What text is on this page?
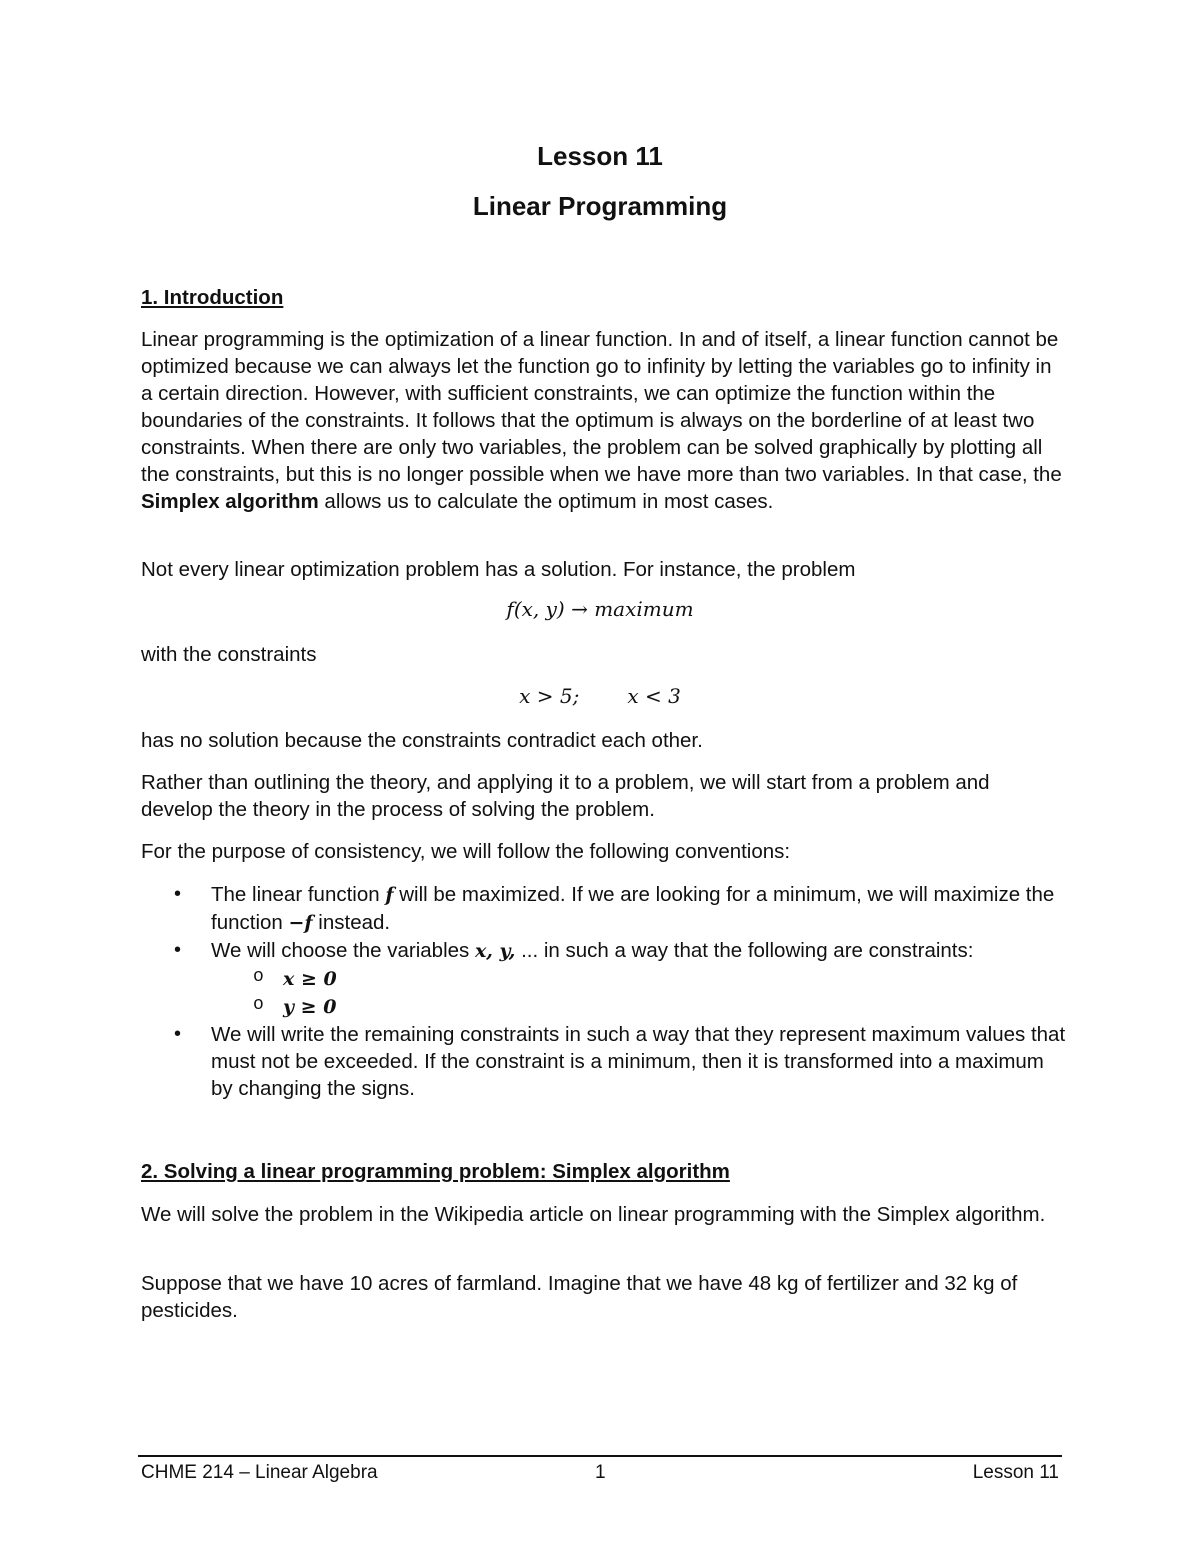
Lesson 11
Linear Programming
1. Introduction

Linear programming is the optimization of a linear function. In and of itself, a linear function cannot be optimized because we can always let the function go to infinity by letting the variables go to infinity in a certain direction. However, with sufficient constraints, we can optimize the function within the boundaries of the constraints. It follows that the optimum is always on the borderline of at least two constraints. When there are only two variables, the problem can be solved graphically by plotting all the constraints, but this is no longer possible when we have more than two variables. In that case, the Simplex algorithm allows us to calculate the optimum in most cases.

Not every linear optimization problem has a solution. For instance, the problem

f(x, y) → maximum

with the constraints

x > 5; x < 3

has no solution because the constraints contradict each other.

Rather than outlining the theory, and applying it to a problem, we will start from a problem and develop the theory in the process of solving the problem.

For the purpose of consistency, we will follow the following conventions:

• The linear function f will be maximized. If we are looking for a minimum, we will maximize the function −f instead.
• We will choose the variables x, y, ... in such a way that the following are constraints:
o x ≥ 0
o y ≥ 0
• We will write the remaining constraints in such a way that they represent maximum values that must not be exceeded. If the constraint is a minimum, then it is transformed into a maximum by changing the signs.
2. Solving a linear programming problem: Simplex algorithm

We will solve the problem in the Wikipedia article on linear programming with the Simplex algorithm.

Suppose that we have 10 acres of farmland. Imagine that we have 48 kg of fertilizer and 32 kg of pesticides.

CHME 214 – Linear Algebra	1	Lesson 11
